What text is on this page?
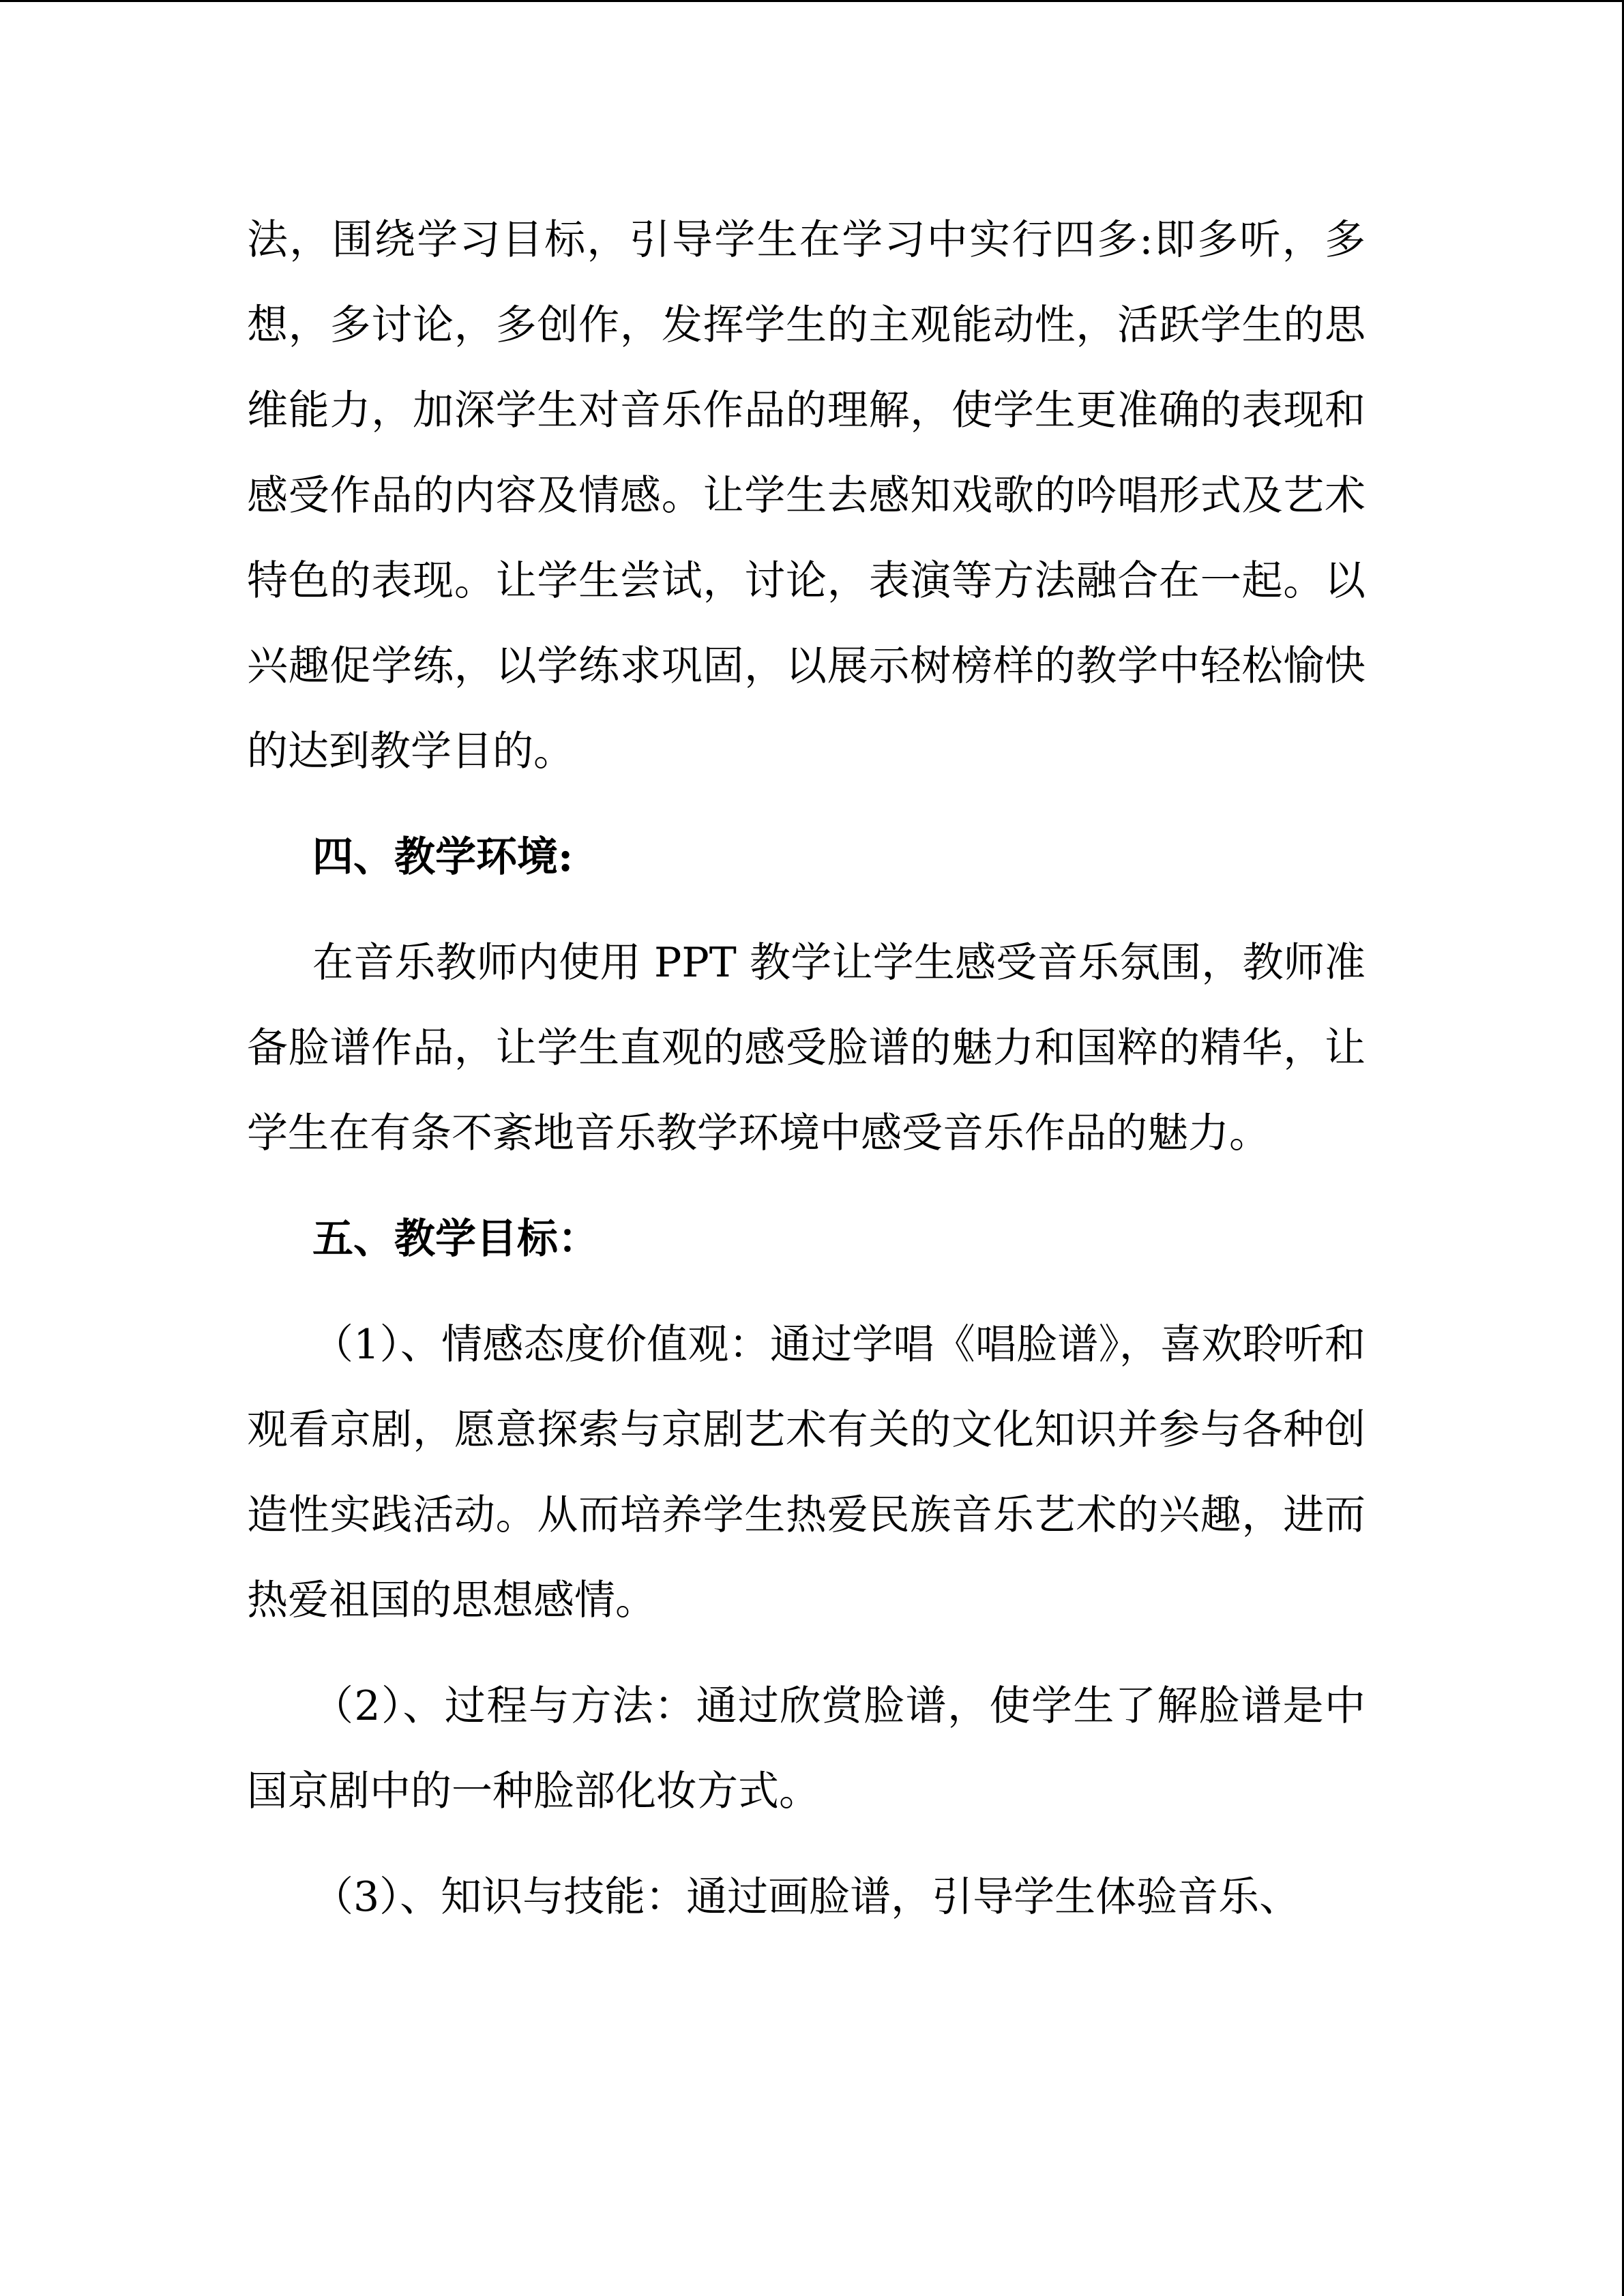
法，围绕学习目标，引导学生在学习中实行四多:即多听，多想，多讨论，多创作，发挥学生的主观能动性，活跃学生的思维能力，加深学生对音乐作品的理解，使学生更准确的表现和感受作品的内容及情感。让学生去感知戏歌的吟唱形式及艺术特色的表现。让学生尝试，讨论，表演等方法融合在一起。以兴趣促学练，以学练求巩固，以展示树榜样的教学中轻松愉快的达到教学目的。

四、教学环境:

在音乐教师内使用 PPT 教学让学生感受音乐氛围，教师准备脸谱作品，让学生直观的感受脸谱的魅力和国粹的精华，让学生在有条不紊地音乐教学环境中感受音乐作品的魅力。

五、教学目标：

（1）、情感态度价值观：通过学唱《唱脸谱》，喜欢聆听和观看京剧，愿意探索与京剧艺术有关的文化知识并参与各种创造性实践活动。从而培养学生热爱民族音乐艺术的兴趣，进而热爱祖国的思想感情。

（2）、过程与方法：通过欣赏脸谱，使学生了解脸谱是中国京剧中的一种脸部化妆方式。

（3）、知识与技能：通过画脸谱，引导学生体验音乐、
